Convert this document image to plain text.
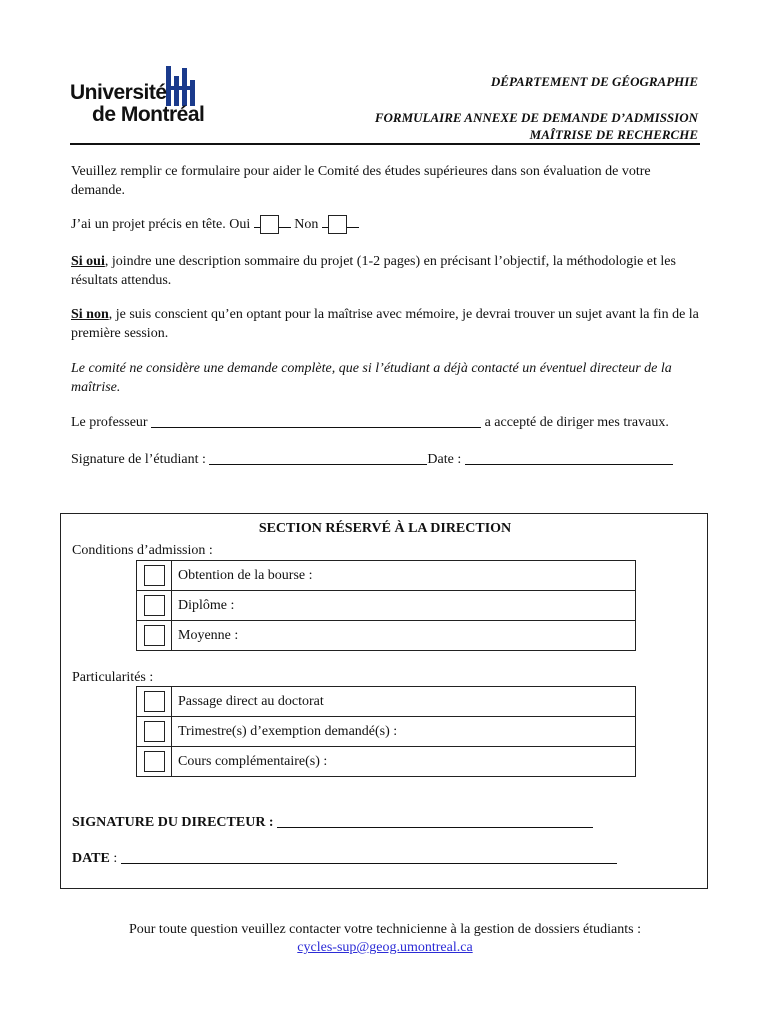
Université
de Montréal
DÉPARTEMENT DE GÉOGRAPHIE
FORMULAIRE ANNEXE DE DEMANDE D’ADMISSION
MAÎTRISE DE RECHERCHE
Veuillez remplir ce formulaire pour aider le Comité des études supérieures dans son évaluation de votre demande.
J’ai un projet précis en tête. Oui	Non
Si oui, joindre une description sommaire du projet (1-2 pages) en précisant l’objectif, la méthodologie et les résultats attendus.
Si non, je suis conscient qu’en optant pour la maîtrise avec mémoire, je devrai trouver un sujet avant la fin de la première session.
Le comité ne considère une demande complète, que si l’étudiant a déjà contacté un éventuel directeur de la maîtrise.
Le professeur	a accepté de diriger mes travaux.
Signature de l’étudiant :	Date :
SECTION RÉSERVÉ À LA DIRECTION
Conditions d’admission :
	Obtention de la bourse :
	Diplôme :
	Moyenne :
Particularités :
	Passage direct au doctorat
	Trimestre(s) d’exemption demandé(s) :
	Cours complémentaire(s) :
SIGNATURE DU DIRECTEUR :
DATE :
Pour toute question veuillez contacter votre technicienne à la gestion de dossiers étudiants :
cycles-sup@geog.umontreal.ca
